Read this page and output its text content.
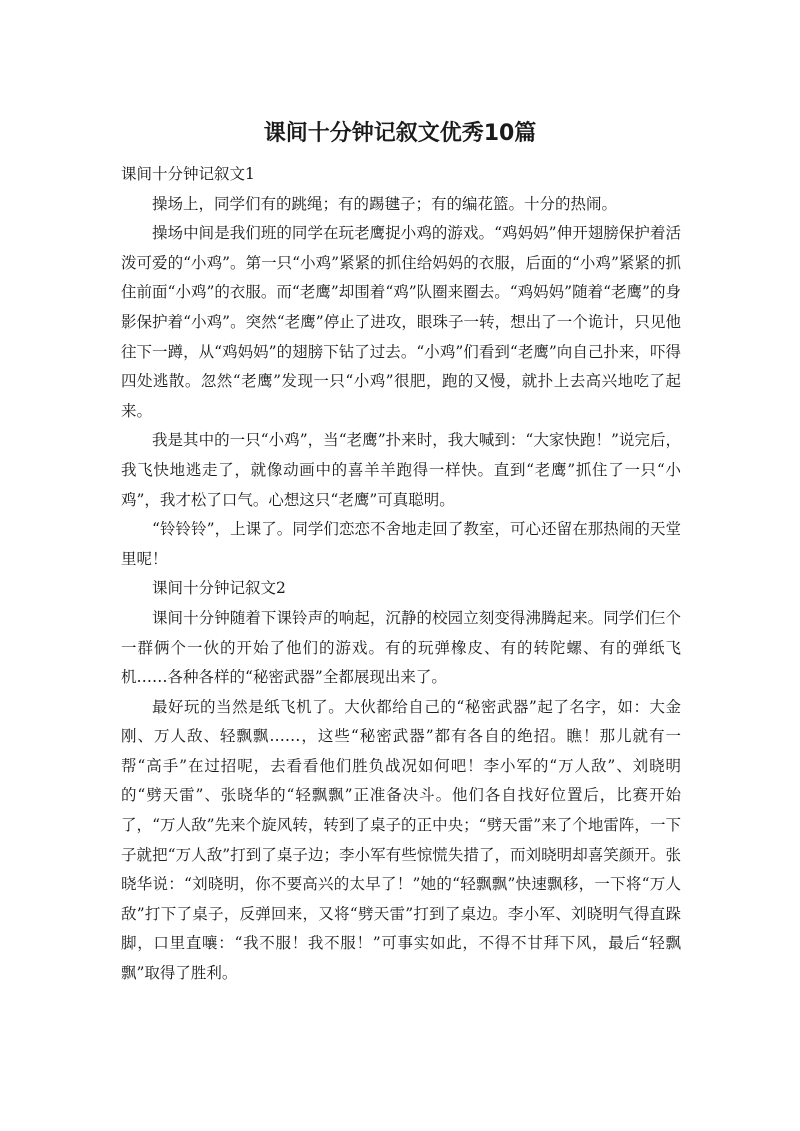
课间十分钟记叙文优秀10篇
课间十分钟记叙文1

操场上，同学们有的跳绳；有的踢毽子；有的编花篮。十分的热闹。

操场中间是我们班的同学在玩老鹰捉小鸡的游戏。“鸡妈妈”伸开翅膀保护着活泼可爱的“小鸡”。第一只“小鸡”紧紧的抓住给妈妈的衣服，后面的“小鸡”紧紧的抓住前面“小鸡”的衣服。而“老鹰”却围着“鸡”队圈来圈去。“鸡妈妈”随着“老鹰”的身影保护着“小鸡”。突然“老鹰”停止了进攻，眼珠子一转，想出了一个诡计，只见他往下一蹲，从“鸡妈妈”的翅膀下钻了过去。“小鸡”们看到“老鹰”向自己扑来，吓得四处逃散。忽然“老鹰”发现一只“小鸡”很肥，跑的又慢，就扑上去高兴地吃了起来。

我是其中的一只“小鸡”，当“老鹰”扑来时，我大喊到：“大家快跑！”说完后，我飞快地逃走了，就像动画中的喜羊羊跑得一样快。直到“老鹰”抓住了一只“小鸡”，我才松了口气。心想这只“老鹰”可真聪明。

“铃铃铃”，上课了。同学们恋恋不舍地走回了教室，可心还留在那热闹的天堂里呢！

课间十分钟记叙文2

课间十分钟随着下课铃声的响起，沉静的校园立刻变得沸腾起来。同学们仨个一群俩个一伙的开始了他们的游戏。有的玩弹橡皮、有的转陀螺、有的弹纸飞机……各种各样的“秘密武器”全都展现出来了。

最好玩的当然是纸飞机了。大伙都给自己的“秘密武器”起了名字，如：大金刚、万人敌、轻飘飘……，这些“秘密武器”都有各自的绝招。瞧！那儿就有一帮“高手”在过招呢，去看看他们胜负战况如何吧！李小军的“万人敌”、刘晓明的“劈天雷”、张晓华的“轻飘飘”正准备决斗。他们各自找好位置后，比赛开始了，“万人敌”先来个旋风转，转到了桌子的正中央；“劈天雷”来了个地雷阵，一下子就把“万人敌”打到了桌子边；李小军有些惊慌失措了，而刘晓明却喜笑颜开。张晓华说：“刘晓明，你不要高兴的太早了！”她的“轻飘飘”快速飘移，一下将“万人敌”打下了桌子，反弹回来，又将“劈天雷”打到了桌边。李小军、刘晓明气得直跺脚，口里直嚷：“我不服！我不服！”可事实如此，不得不甘拜下风，最后“轻飘飘”取得了胜利。
